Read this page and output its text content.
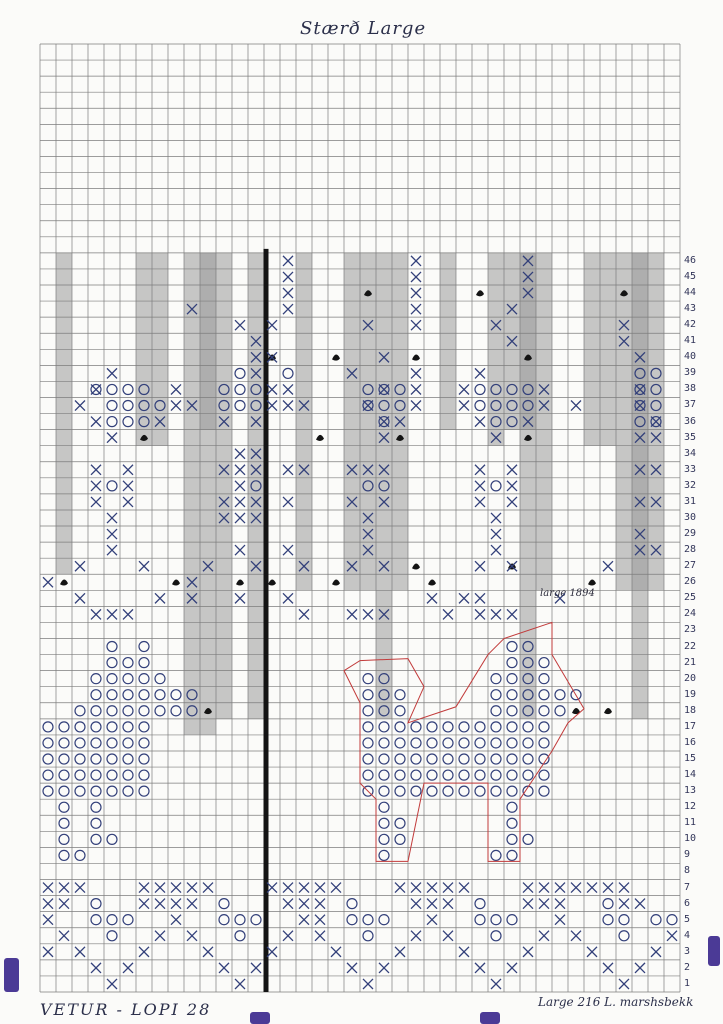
Stærð Large
46
45
44
43
42
41
40
39
38
37
36
35
34
33
32
31
30
29
28
27
26
25
24
23
22
21
20
19
18
17
16
15
14
13
12
11
10
9
8
7
6
5
4
3
2
1
large 1894
VETUR - LOPI 28	Large 216 L. marshsbekk
